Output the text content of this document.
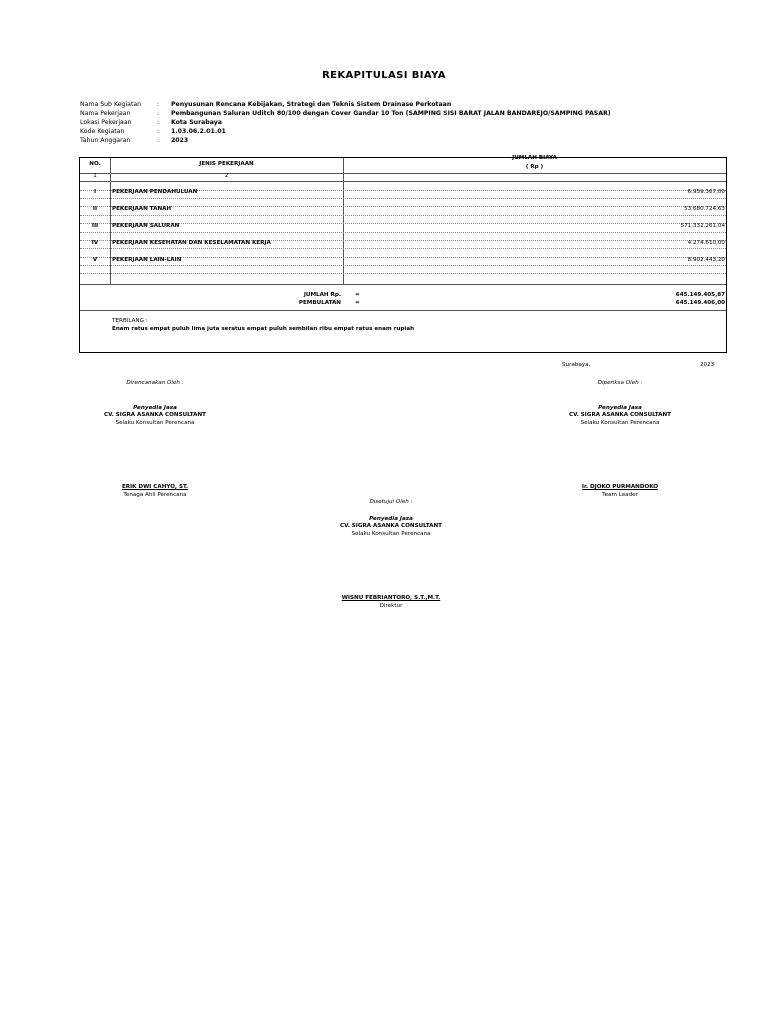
REKAPITULASI BIAYA
Nama Sub Kegiatan	: Penyusunan Rencana Kebijakan, Strategi dan Teknis Sistem Drainase Perkotaan
Nama Pekerjaan	: Pembangunan Saluran Uditch 80/100 dengan Cover Gandar 10 Ton (SAMPING SISI BARAT JALAN BANDAREJO/SAMPING PASAR)
Lokasi Pekerjaan	: Kota Surabaya
Kode Kegiatan	: 1.03.06.2.01.01
Tahun Anggaran	: 2023
NO.	JENIS PEKERJAAN
JUMLAH BIAYA
( Rp )
1	2
I	PEKERJAAN PENDAHULUAN	6.959.367,00
II	PEKERJAAN TANAH	53.680.724,63
III	PEKERJAAN SALURAN	571.332.261,04
IV	PEKERJAAN KESEHATAN DAN KESELAMATAN KERJA	4.274.610,00
V	PEKERJAAN LAIN-LAIN	8.902.443,20
JUMLAH Rp.	=	645.149.405,87
PEMBULATAN	=	645.149.406,00
TERBILANG :
Enam ratus empat puluh lima juta seratus empat puluh sembilan ribu empat ratus enam rupiah
Surabaya,	2023
Direncanakan Oleh :
Penyedia Jasa
CV. SIGRA ASANKA CONSULTANT
Selaku Konsultan Perencana
ERIK DWI CAHYO, ST.
Tenaga Ahli Perencana
Diperiksa Oleh :
Penyedia Jasa
CV. SIGRA ASANKA CONSULTANT
Selaku Konsultan Perencana
Ir. DJOKO PURMANDOKO
Team Leader
Disetujui Oleh :
Penyedia Jasa
CV. SIGRA ASANKA CONSULTANT
Selaku Konsultan Perencana
WISNU FEBRIANTORO, S.T.,M.T.
Direktur
